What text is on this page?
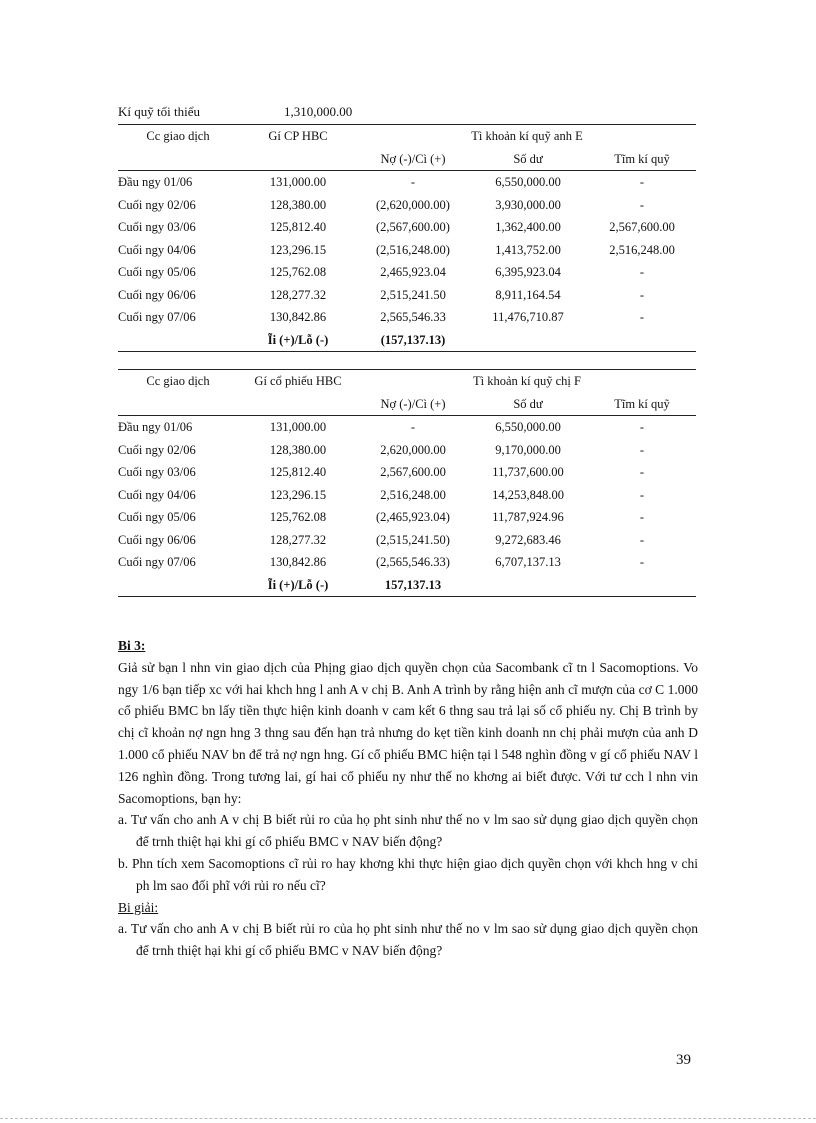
Kí quỹ tối thiểu	1,310,000.00
Cc giao dịch	Gí CP HBC	Tì khoản kí quỹ anh E		
		Nợ (-)/Cì (+)	Số dư	Tĩm kí quỹ
Đầu ngy 01/06	131,000.00	-	6,550,000.00	-
Cuối ngy 02/06	128,380.00	(2,620,000.00)	3,930,000.00	-
Cuối ngy 03/06	125,812.40	(2,567,600.00)	1,362,400.00	2,567,600.00
Cuối ngy 04/06	123,296.15	(2,516,248.00)	1,413,752.00	2,516,248.00
Cuối ngy 05/06	125,762.08	2,465,923.04	6,395,923.04	-
Cuối ngy 06/06	128,277.32	2,515,241.50	8,911,164.54	-
Cuối ngy 07/06	130,842.86	2,565,546.33	11,476,710.87	-
	Ĩi (+)/Lỗ (-)	(157,137.13)		
Cc giao dịch	Gí cổ phiếu HBC	Tì khoản kí quỹ chị F		
		Nợ (-)/Cì (+)	Số dư	Tĩm kí quỹ
Đầu ngy 01/06	131,000.00	-	6,550,000.00	-
Cuối ngy 02/06	128,380.00	2,620,000.00	9,170,000.00	-
Cuối ngy 03/06	125,812.40	2,567,600.00	11,737,600.00	-
Cuối ngy 04/06	123,296.15	2,516,248.00	14,253,848.00	-
Cuối ngy 05/06	125,762.08	(2,465,923.04)	11,787,924.96	-
Cuối ngy 06/06	128,277.32	(2,515,241.50)	9,272,683.46	-
Cuối ngy 07/06	130,842.86	(2,565,546.33)	6,707,137.13	-
	Ĩi (+)/Lỗ (-)	157,137.13		

Bi 3:

Giả sử bạn l nhn vin giao dịch của Phịng giao dịch quyền chọn của Sacombank cĩ tn l Sacomoptions. Vo ngy 1/6 bạn tiếp xc với hai khch hng l anh A v chị B. Anh A trình by rằng hiện anh cĩ mượn của cơ C 1.000 cổ phiếu BMC bn lấy tiền thực hiện kinh doanh v cam kết 6 thng sau trả lại số cổ phiếu ny. Chị B trình by chị cĩ khoản nợ ngn hng 3 thng sau đến hạn trả nhưng do kẹt tiền kinh doanh nn chị phải mượn của anh D 1.000 cổ phiếu NAV bn để trả nợ ngn hng. Gí cổ phiếu BMC hiện tại l 548 nghìn đồng v gí cổ phiếu NAV l 126 nghìn đồng. Trong tương lai, gí hai cổ phiếu ny như thế no khơng ai biết được. Với tư cch l nhn vin Sacomoptions, bạn hy:

a. Tư vấn cho anh A v chị B biết rủi ro của họ pht sinh như thế no v lm sao sử dụng giao dịch quyền chọn để trnh thiệt hại khi gí cổ phiếu BMC v NAV biến động?

b. Phn tích xem Sacomoptions cĩ rủi ro hay khơng khi thực hiện giao dịch quyền chọn với khch hng v chi ph lm sao đối phĩ với rủi ro nếu cĩ?

Bi giải:

a. Tư vấn cho anh A v chị B biết rủi ro của họ pht sinh như thế no v lm sao sử dụng giao dịch quyền chọn để trnh thiệt hại khi gí cổ phiếu BMC v NAV biến động?

39
